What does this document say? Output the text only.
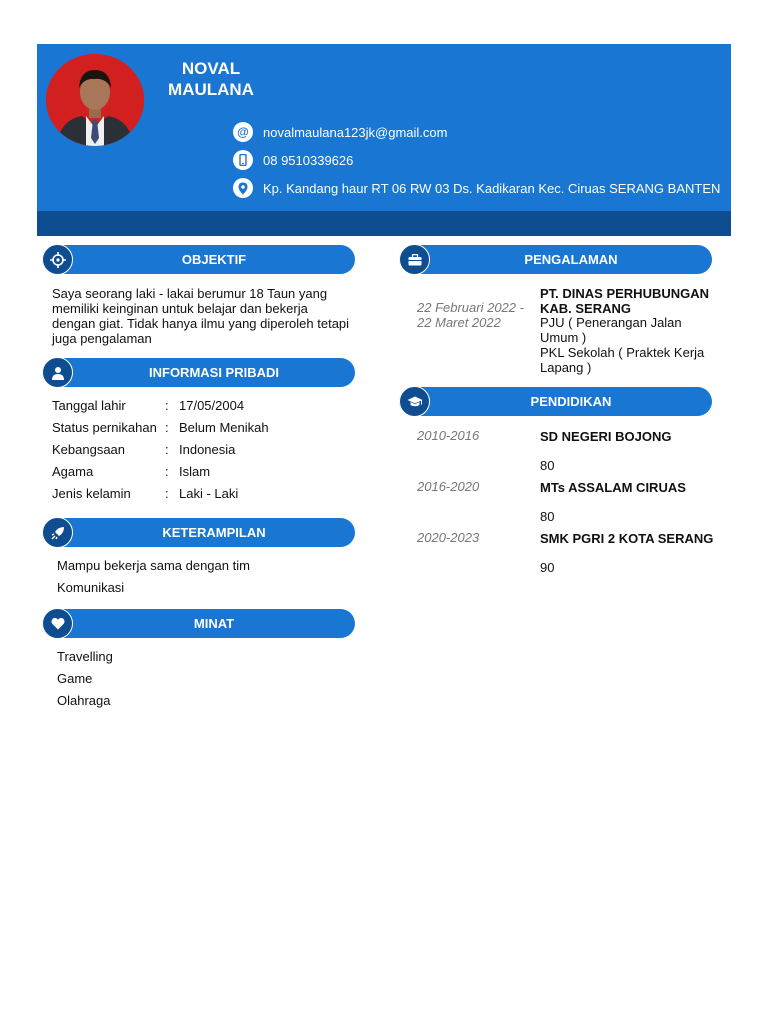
NOVAL
MAULANA
@	novalmaulana123jk@gmail.com
08 9510339626
Kp. Kandang haur RT 06 RW 03 Ds. Kadikaran Kec. Ciruas SERANG BANTEN
OBJEKTIF
Saya seorang laki - lakai berumur 18 Taun yang
memiliki keinginan untuk belajar dan bekerja
dengan giat. Tidak hanya ilmu yang diperoleh tetapi
juga pengalaman
INFORMASI PRIBADI
Tanggal lahir	: 17/05/2004
Status pernikahan : Belum Menikah
Kebangsaan	: Indonesia
Agama	: Islam
Jenis kelamin	: Laki - Laki
KETERAMPILAN
Mampu bekerja sama dengan tim
Komunikasi
MINAT
Travelling
Game
Olahraga
PENGALAMAN
22 Februari 2022 -
22 Maret 2022
PT. DINAS PERHUBUNGAN
KAB. SERANG
PJU ( Penerangan Jalan
Umum )
PKL Sekolah ( Praktek Kerja
Lapang )
PENDIDIKAN
2010-2016	SD NEGERI BOJONG
80
2016-2020	MTs ASSALAM CIRUAS
80
2020-2023	SMK PGRI 2 KOTA SERANG
90
